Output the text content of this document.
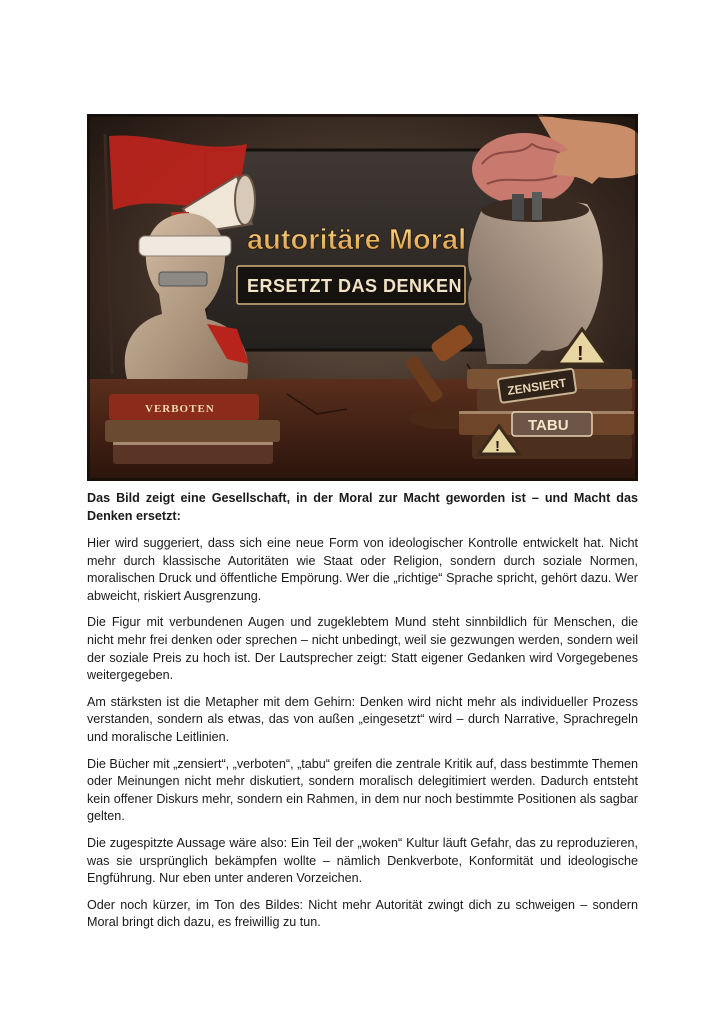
VERBOTEN
!
!
ZENSIERT
TABU
autoritäre Moral
ERSETZT DAS DENKEN

Das Bild zeigt eine Gesellschaft, in der Moral zur Macht geworden ist – und Macht das Denken ersetzt:

Hier wird suggeriert, dass sich eine neue Form von ideologischer Kontrolle entwickelt hat. Nicht mehr durch klassische Autoritäten wie Staat oder Religion, sondern durch soziale Normen, moralischen Druck und öffentliche Empörung. Wer die „richtige“ Sprache spricht, gehört dazu. Wer abweicht, riskiert Ausgrenzung.

Die Figur mit verbundenen Augen und zugeklebtem Mund steht sinnbildlich für Menschen, die nicht mehr frei denken oder sprechen – nicht unbedingt, weil sie gezwungen werden, sondern weil der soziale Preis zu hoch ist. Der Lautsprecher zeigt: Statt eigener Gedanken wird Vorgegebenes weitergegeben.

Am stärksten ist die Metapher mit dem Gehirn: Denken wird nicht mehr als individueller Prozess verstanden, sondern als etwas, das von außen „eingesetzt“ wird – durch Narrative, Sprachregeln und moralische Leitlinien.

Die Bücher mit „zensiert“, „verboten“, „tabu“ greifen die zentrale Kritik auf, dass bestimmte Themen oder Meinungen nicht mehr diskutiert, sondern moralisch delegitimiert werden. Dadurch entsteht kein offener Diskurs mehr, sondern ein Rahmen, in dem nur noch bestimmte Positionen als sagbar gelten.

Die zugespitzte Aussage wäre also: Ein Teil der „woken“ Kultur läuft Gefahr, das zu reproduzieren, was sie ursprünglich bekämpfen wollte – nämlich Denkverbote, Konformität und ideologische Engführung. Nur eben unter anderen Vorzeichen.

Oder noch kürzer, im Ton des Bildes: Nicht mehr Autorität zwingt dich zu schweigen – sondern Moral bringt dich dazu, es freiwillig zu tun.
